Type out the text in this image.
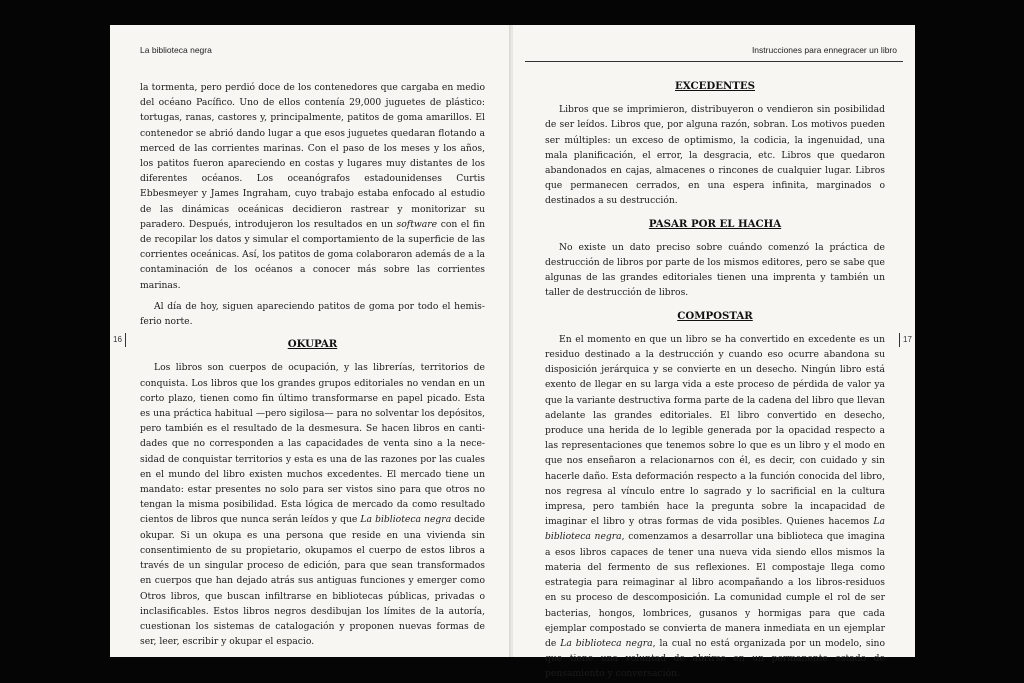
La biblioteca negra

la tormenta, pero perdió doce de los contenedores que cargaba en medio del océano Pacífico. Uno de ellos contenía 29,000 juguetes de plástico: tortugas, ranas, castores y, principalmente, patitos de goma amarillos. El contenedor se abrió dando lugar a que esos juguetes quedaran flotando a merced de las corrientes marinas. Con el paso de los meses y los años, los patitos fueron apareciendo en costas y lugares muy distantes de los diferentes océanos. Los oceanógrafos estadounidenses Curtis Ebbesmeyer y James Ingraham, cuyo trabajo estaba enfocado al estudio de las dinámicas oceánicas decidieron rastrear y monitorizar su paradero. Después, introdujeron los resultados en un software con el fin de recopilar los datos y simular el comportamiento de la superficie de las corrientes oceánicas. Así, los patitos de goma colaboraron además de a la contaminación de los océanos a conocer más sobre las corrientes marinas.

Al día de hoy, siguen apareciendo patitos de goma por todo el hemisferio norte.

OKUPAR

Los libros son cuerpos de ocupación, y las librerías, territorios de conquista. Los libros que los grandes grupos editoriales no vendan en un corto plazo, tienen como fin último transformarse en papel picado. Esta es una práctica habitual —pero sigilosa— para no solventar los depósitos, pero también es el resultado de la desmesura. Se hacen libros en cantidades que no corresponden a las capacidades de venta sino a la necesidad de conquistar territorios y esta es una de las razones por las cuales en el mundo del libro existen muchos excedentes. El mercado tiene un mandato: estar presentes no solo para ser vistos sino para que otros no tengan la misma posibilidad. Esta lógica de mercado da como resultado cientos de libros que nunca serán leídos y que La biblioteca negra decide okupar. Si un okupa es una persona que reside en una vivienda sin consentimiento de su propietario, okupamos el cuerpo de estos libros a través de un singular proceso de edición, para que sean transformados en cuerpos que han dejado atrás sus antiguas funciones y emerger como Otros libros, que buscan infiltrarse en bibliotecas públicas, privadas o inclasificables. Estos libros negros desdibujan los límites de la autoría, cuestionan los sistemas de catalogación y proponen nuevas formas de ser, leer, escribir y okupar el espacio.

16
Instrucciones para ennegracer un libro
EXCEDENTES

Libros que se imprimieron, distribuyeron o vendieron sin posibilidad de ser leídos. Libros que, por alguna razón, sobran. Los motivos pueden ser múltiples: un exceso de optimismo, la codicia, la ingenuidad, una mala planificación, el error, la desgracia, etc. Libros que quedaron abandonados en cajas, almacenes o rincones de cualquier lugar. Libros que permanecen cerrados, en una espera infinita, marginados o destinados a su destrucción.

PASAR POR EL HACHA

No existe un dato preciso sobre cuándo comenzó la práctica de destrucción de libros por parte de los mismos editores, pero se sabe que algunas de las grandes editoriales tienen una imprenta y también un taller de destrucción de libros.

COMPOSTAR

En el momento en que un libro se ha convertido en excedente es un residuo destinado a la destrucción y cuando eso ocurre abandona su disposición jerárquica y se convierte en un desecho. Ningún libro está exento de llegar en su larga vida a este proceso de pérdida de valor ya que la variante destructiva forma parte de la cadena del libro que llevan adelante las grandes editoriales. El libro convertido en desecho, produce una herida de lo legible generada por la opacidad respecto a las representaciones que tenemos sobre lo que es un libro y el modo en que nos enseñaron a relacionarnos con él, es decir, con cuidado y sin hacerle daño. Esta deformación respecto a la función conocida del libro, nos regresa al vínculo entre lo sagrado y lo sacrificial en la cultura impresa, pero también hace la pregunta sobre la incapacidad de imaginar el libro y otras formas de vida posibles. Quienes hacemos La biblioteca negra, comenzamos a desarrollar una biblioteca que imagina a esos libros capaces de tener una nueva vida siendo ellos mismos la materia del fermento de sus reflexiones. El compostaje llega como estrategia para reimaginar al libro acompañando a los libros-residuos en su proceso de descomposición. La comunidad cumple el rol de ser bacterias, hongos, lombrices, gusanos y hormigas para que cada ejemplar compostado se convierta de manera inmediata en un ejemplar de La biblioteca negra, la cual no está organizada por un modelo, sino que tiene una voluntad de abrirse en un permanente estado de pensamiento y conversación.

17
